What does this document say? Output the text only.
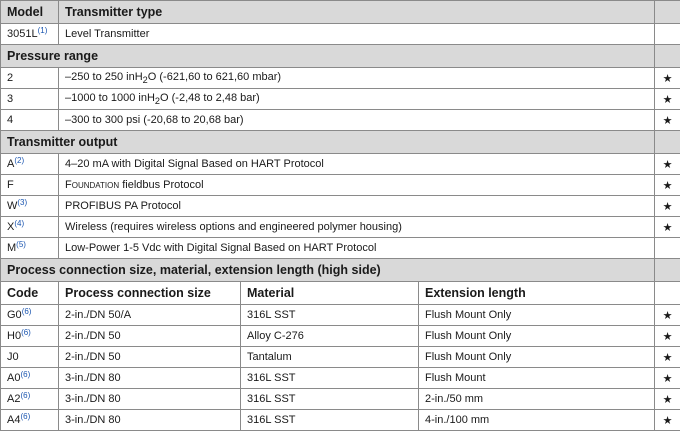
Model	Transmitter type			
$3051L^{(1)}$	Level Transmitter			
Pressure range				
2	–250 to 250 inH$_2$O (-621,60 to 621,60 mbar)			★
3	–1000 to 1000 inH$_2$O (-2,48 to 2,48 bar)			★
4	–300 to 300 psi (-20,68 to 20,68 bar)			★
Transmitter output				
$A^{(2)}$	4–20 mA with Digital Signal Based on HART Protocol			★
F	Foundation fieldbus Protocol			★
$W^{(3)}$	PROFIBUS PA Protocol			★
$X^{(4)}$	Wireless (requires wireless options and engineered polymer housing)			★
$M^{(5)}$	Low-Power 1-5 Vdc with Digital Signal Based on HART Protocol			
Process connection size, material, extension length (high side)				
Code	Process connection size	Material	Extension length	
G0$^{(6)}$	2-in./DN 50/A	316L SST	Flush Mount Only	★
H0$^{(6)}$	2-in./DN 50	Alloy C-276	Flush Mount Only	★
J0	2-in./DN 50	Tantalum	Flush Mount Only	★
A0$^{(6)}$	3-in./DN 80	316L SST	Flush Mount	★
A2$^{(6)}$	3-in./DN 80	316L SST	2-in./50 mm	★
A4$^{(6)}$	3-in./DN 80	316L SST	4-in./100 mm	★
